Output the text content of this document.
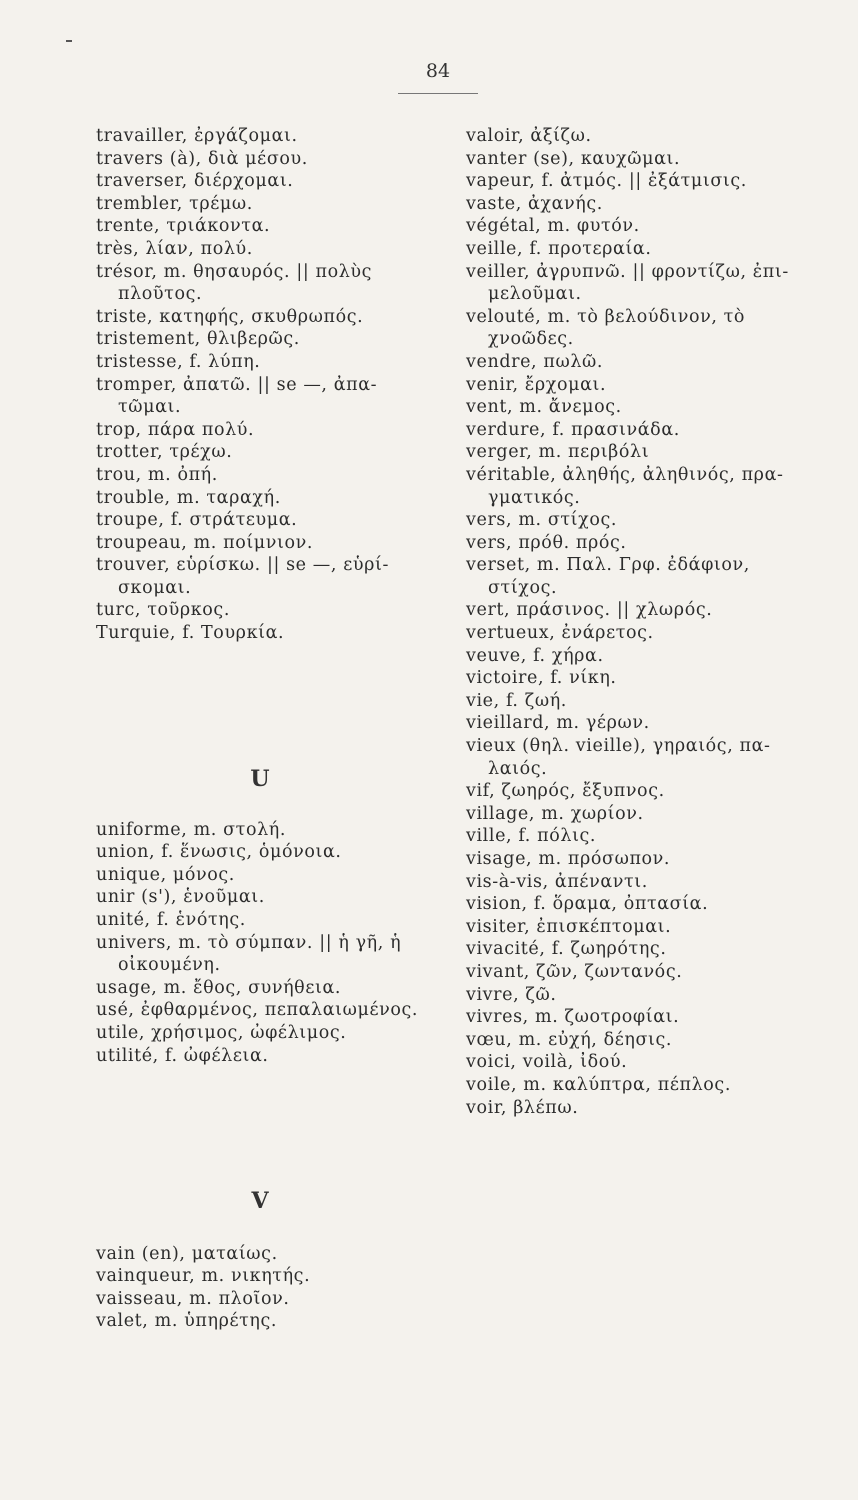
84

travailler, ἐργάζομαι.

travers (à), διὰ μέσου.

traverser, διέρχομαι.

trembler, τρέμω.

trente, τριάκοντα.

très, λίαν, πολύ.

trésor, m. θησαυρός. || πολὺς

πλοῦτος.

triste, κατηφής, σκυθρωπός.

tristement, θλιβερῶς.

tristesse, f. λύπη.

tromper, ἀπατῶ. || se —, ἀπα-

τῶμαι.

trop, πάρα πολύ.

trotter, τρέχω.

trou, m. ὀπή.

trouble, m. ταραχή.

troupe, f. στράτευμα.

troupeau, m. ποίμνιον.

trouver, εὑρίσκω. || se —, εὑρί-

σκομαι.

turc, τοῦρκος.

Turquie, f. Τουρκία.

U

uniforme, m. στολή.

union, f. ἕνωσις, ὁμόνοια.

unique, μόνος.

unir (s'), ἑνοῦμαι.

unité, f. ἑνότης.

univers, m. τὸ σύμπαν. || ἡ γῆ, ἡ

οἰκουμένη.

usage, m. ἔθος, συνήθεια.

usé, ἐφθαρμένος, πεπαλαιωμένος.

utile, χρήσιμος, ὠφέλιμος.

utilité, f. ὠφέλεια.

V

vain (en), ματαίως.

vainqueur, m. νικητής.

vaisseau, m. πλοῖον.

valet, m. ὑπηρέτης.

valoir, ἀξίζω.

vanter (se), καυχῶμαι.

vapeur, f. ἀτμός. || ἐξάτμισις.

vaste, ἀχανής.

végétal, m. φυτόν.

veille, f. προτεραία.

veiller, ἀγρυπνῶ. || φροντίζω, ἐπι-

μελοῦμαι.

velouté, m. τὸ βελούδινον, τὸ

χνοῶδες.

vendre, πωλῶ.

venir, ἔρχομαι.

vent, m. ἄνεμος.

verdure, f. πρασινάδα.

verger, m. περιβόλι

véritable, ἀληθής, ἀληθινός, πρα-

γματικός.

vers, m. στίχος.

vers, πρόθ. πρός.

verset, m. Παλ. Γρφ. ἐδάφιον,

στίχος.

vert, πράσινος. || χλωρός.

vertueux, ἐνάρετος.

veuve, f. χήρα.

victoire, f. νίκη.

vie, f. ζωή.

vieillard, m. γέρων.

vieux (θηλ. vieille), γηραιός, πα-

λαιός.

vif, ζωηρός, ἔξυπνος.

village, m. χωρίον.

ville, f. πόλις.

visage, m. πρόσωπον.

vis-à-vis, ἀπέναντι.

vision, f. ὅραμα, ὀπτασία.

visiter, ἐπισκέπτομαι.

vivacité, f. ζωηρότης.

vivant, ζῶν, ζωντανός.

vivre, ζῶ.

vivres, m. ζωοτροφίαι.

vœu, m. εὐχή, δέησις.

voici, voilà, ἰδού.

voile, m. καλύπτρα, πέπλος.

voir, βλέπω.
